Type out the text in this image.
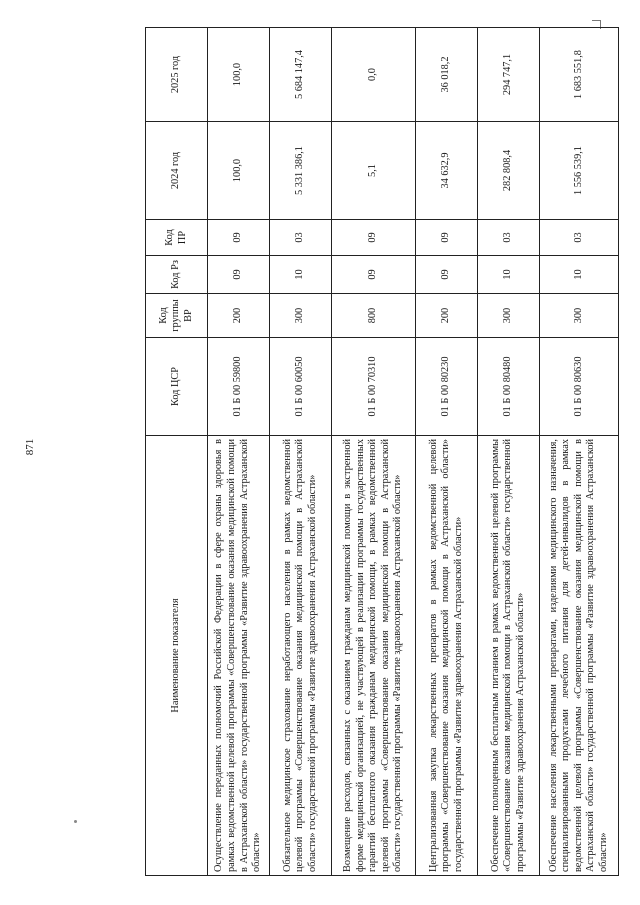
871
Наименование показателя	Код ЦСР	Код группы ВР	Код Рз	Код ПР	2024 год	2025 год
Осуществление переданных полномочий Российской Федерации в сфере охраны здоровья в рамках ведомственной целевой программы «Совершенствование оказания медицинской помощи в Астраханской области» государственной программы «Развитие здравоохранения Астраханской области»	01 Б 00 59800	200	09	09	100,0	100,0
Обязательное медицинское страхование неработающего населения в рамках ведомственной целевой программы «Совершенствование оказания медицинской помощи в Астраханской области» государственной программы «Развитие здравоохранения Астраханской области»	01 Б 00 60050	300	10	03	5 331 386,1	5 684 147,4
Возмещение расходов, связанных с оказанием гражданам медицинской помощи в экстренной форме медицинской организацией, не участвующей в реализации программы государственных гарантий бесплатного оказания гражданам медицинской помощи, в рамках ведомственной целевой программы «Совершенствование оказания медицинской помощи в Астраханской области» государственной программы «Развитие здравоохранения Астраханской области»	01 Б 00 70310	800	09	09	5,1	0,0
Централизованная закупка лекарственных препаратов в рамках ведомственной целевой программы «Совершенствование оказания медицинской помощи в Астраханской области» государственной программы «Развитие здравоохранения Астраханской области»	01 Б 00 80230	200	09	09	34 632,9	36 018,2
Обеспечение полноценным бесплатным питанием в рамках ведомственной целевой программы «Совершенствование оказания медицинской помощи в Астраханской области» государственной программы «Развитие здравоохранения Астраханской области»	01 Б 00 80480	300	10	03	282 808,4	294 747,1
Обеспечение населения лекарственными препаратами, изделиями медицинского назначения, специализированными продуктами лечебного питания для детей-инвалидов в рамках ведомственной целевой программы «Совершенствование оказания медицинской помощи в Астраханской области» государственной программы «Развитие здравоохранения Астраханской области»	01 Б 00 80630	300	10	03	1 556 539,1	1 683 551,8
